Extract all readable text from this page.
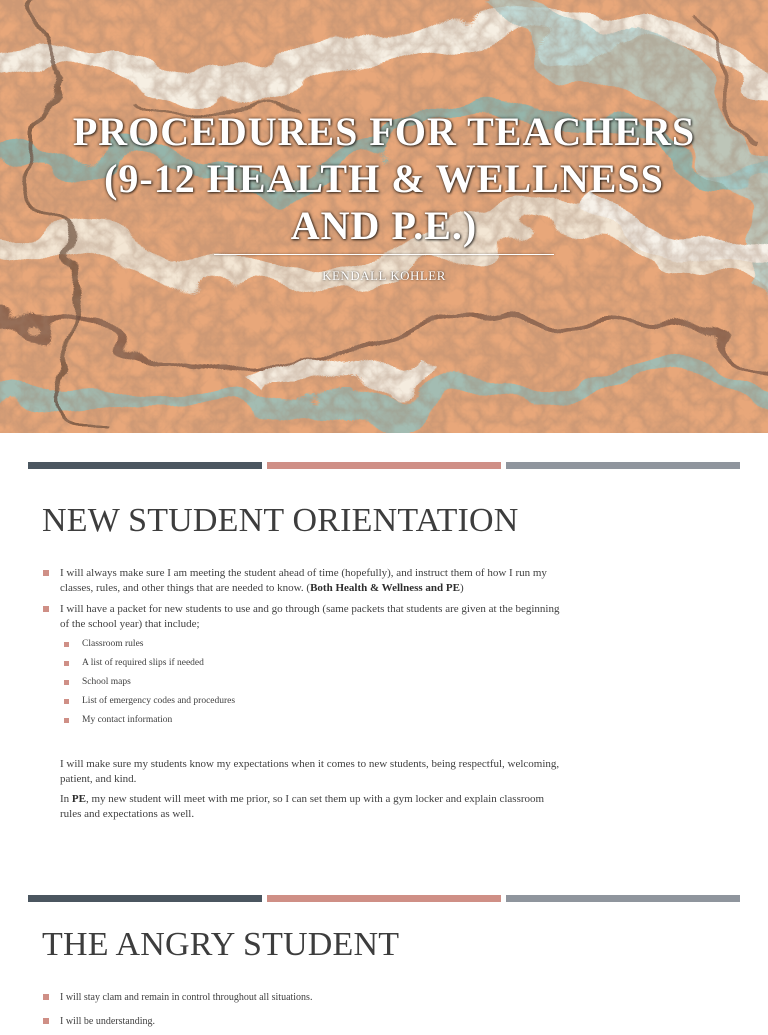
PROCEDURES FOR TEACHERS
(9-12 HEALTH & WELLNESS
AND P.E.)
KENDALL KOHLER
NEW STUDENT ORIENTATION
I will always make sure I am meeting the student ahead of time (hopefully), and instruct them of how I run my classes, rules, and other things that are needed to know. (Both Health & Wellness and PE)
I will have a packet for new students to use and go through (same packets that students are given at the beginning of the school year) that include;
Classroom rules
A list of required slips if needed
School maps
List of emergency codes and procedures
My contact information
I will make sure my students know my expectations when it comes to new students, being respectful, welcoming, patient, and kind.
In PE, my new student will meet with me prior, so I can set them up with a gym locker and explain classroom rules and expectations as well.
THE ANGRY STUDENT
I will stay clam and remain in control throughout all situations.
I will be understanding.
